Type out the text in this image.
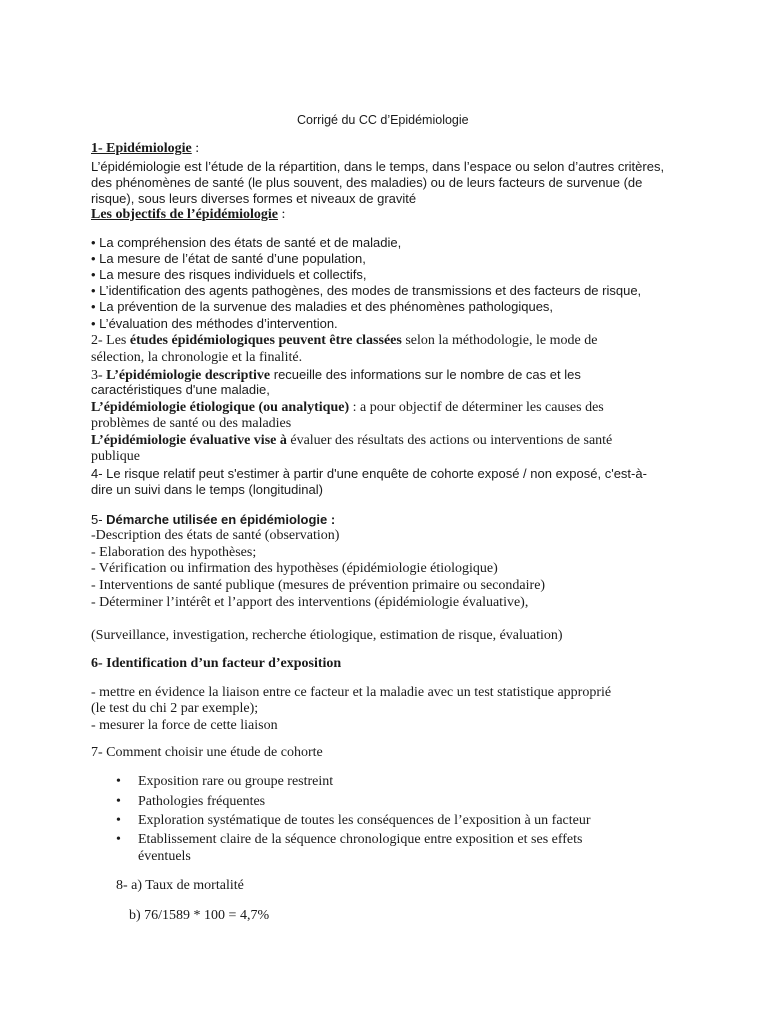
Corrigé du CC d’Epidémiologie
1- Epidémiologie :
L’épidémiologie est l’étude de la répartition, dans le temps, dans l’espace ou selon d’autres critères,
des phénomènes de santé (le plus souvent, des maladies) ou de leurs facteurs de survenue (de
risque), sous leurs diverses formes et niveaux de gravité
Les objectifs de l’épidémiologie :
• La compréhension des états de santé et de maladie,
• La mesure de l’état de santé d’une population,
• La mesure des risques individuels et collectifs,
• L’identification des agents pathogènes, des modes de transmissions et des facteurs de risque,
• La prévention de la survenue des maladies et des phénomènes pathologiques,
• L’évaluation des méthodes d’intervention.
2- Les études épidémiologiques peuvent être classées selon la méthodologie, le mode de
sélection, la chronologie et la finalité.
3- L’épidémiologie descriptive recueille des informations sur le nombre de cas et les
caractéristiques d'une maladie,
L’épidémiologie étiologique (ou analytique) : a pour objectif de déterminer les causes des
problèmes de santé ou des maladies
L’épidémiologie évaluative vise à évaluer des résultats des actions ou interventions de santé
publique
4- Le risque relatif peut s'estimer à partir d'une enquête de cohorte exposé / non exposé, c'est-à-
dire un suivi dans le temps (longitudinal)
5- Démarche utilisée en épidémiologie :
-Description des états de santé (observation)
- Elaboration des hypothèses;
- Vérification ou infirmation des hypothèses (épidémiologie étiologique)
- Interventions de santé publique (mesures de prévention primaire ou secondaire)
- Déterminer l’intérêt et l’apport des interventions (épidémiologie évaluative),
(Surveillance, investigation, recherche étiologique, estimation de risque, évaluation)
6- Identification d’un facteur d’exposition
- mettre en évidence la liaison entre ce facteur et la maladie avec un test statistique approprié
(le test du chi 2 par exemple);
- mesurer la force de cette liaison
7- Comment choisir une étude de cohorte
• Exposition rare ou groupe restreint
• Pathologies fréquentes
• Exploration systématique de toutes les conséquences de l’exposition à un facteur
• Etablissement claire de la séquence chronologique entre exposition et ses effets
éventuels
8- a) Taux de mortalité
b) 76/1589 * 100 = 4,7%
